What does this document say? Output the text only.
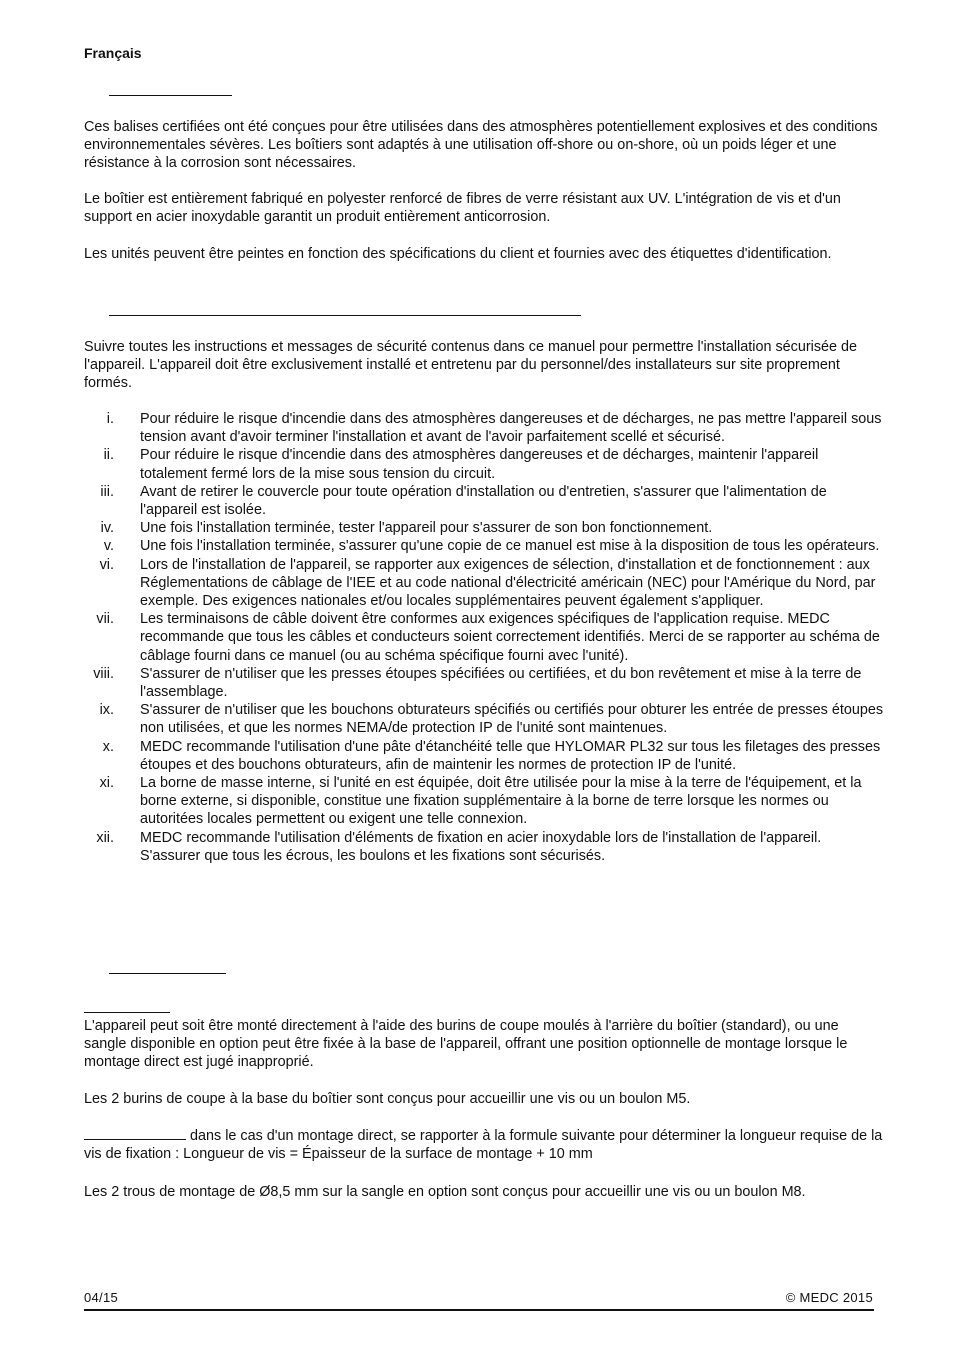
Français

Ces balises certifiées ont été conçues pour être utilisées dans des atmosphères potentiellement explosives et des conditions environnementales sévères. Les boîtiers sont adaptés à une utilisation off-shore ou on-shore, où un poids léger et une résistance à la corrosion sont nécessaires.

Le boîtier est entièrement fabriqué en polyester renforcé de fibres de verre résistant aux UV. L'intégration de vis et d'un support en acier inoxydable garantit un produit entièrement anticorrosion.

Les unités peuvent être peintes en fonction des spécifications du client et fournies avec des étiquettes d'identification.

Suivre toutes les instructions et messages de sécurité contenus dans ce manuel pour permettre l'installation sécurisée de l'appareil. L'appareil doit être exclusivement installé et entretenu par du personnel/des installateurs sur site proprement formés.

i. Pour réduire le risque d'incendie dans des atmosphères dangereuses et de décharges, ne pas mettre l'appareil sous tension avant d'avoir terminer l'installation et avant de l'avoir parfaitement scellé et sécurisé.
ii. Pour réduire le risque d'incendie dans des atmosphères dangereuses et de décharges, maintenir l'appareil totalement fermé lors de la mise sous tension du circuit.
iii. Avant de retirer le couvercle pour toute opération d'installation ou d'entretien, s'assurer que l'alimentation de l'appareil est isolée.
iv. Une fois l'installation terminée, tester l'appareil pour s'assurer de son bon fonctionnement.
v. Une fois l'installation terminée, s'assurer qu'une copie de ce manuel est mise à la disposition de tous les opérateurs.
vi. Lors de l'installation de l'appareil, se rapporter aux exigences de sélection, d'installation et de fonctionnement : aux Réglementations de câblage de l'IEE et au code national d'électricité américain (NEC) pour l'Amérique du Nord, par exemple. Des exigences nationales et/ou locales supplémentaires peuvent également s'appliquer.
vii. Les terminaisons de câble doivent être conformes aux exigences spécifiques de l'application requise. MEDC recommande que tous les câbles et conducteurs soient correctement identifiés. Merci de se rapporter au schéma de câblage fourni dans ce manuel (ou au schéma spécifique fourni avec l'unité).
viii. S'assurer de n'utiliser que les presses étoupes spécifiées ou certifiées, et du bon revêtement et mise à la terre de l'assemblage.
ix. S'assurer de n'utiliser que les bouchons obturateurs spécifiés ou certifiés pour obturer les entrée de presses étoupes non utilisées, et que les normes NEMA/de protection IP de l'unité sont maintenues.
x. MEDC recommande l'utilisation d'une pâte d'étanchéité telle que HYLOMAR PL32 sur tous les filetages des presses étoupes et des bouchons obturateurs, afin de maintenir les normes de protection IP de l'unité.
xi. La borne de masse interne, si l'unité en est équipée, doit être utilisée pour la mise à la terre de l'équipement, et la borne externe, si disponible, constitue une fixation supplémentaire à la borne de terre lorsque les normes ou autoritées locales permettent ou exigent une telle connexion.
xii. MEDC recommande l'utilisation d'éléments de fixation en acier inoxydable lors de l'installation de l'appareil. S'assurer que tous les écrous, les boulons et les fixations sont sécurisés.

L'appareil peut soit être monté directement à l'aide des burins de coupe moulés à l'arrière du boîtier (standard), ou une sangle disponible en option peut être fixée à la base de l'appareil, offrant une position optionnelle de montage lorsque le montage direct est jugé inapproprié.

Les 2 burins de coupe à la base du boîtier sont conçus pour accueillir une vis ou un boulon M5.

dans le cas d'un montage direct, se rapporter à la formule suivante pour déterminer la longueur requise de la vis de fixation : Longueur de vis = Épaisseur de la surface de montage + 10 mm

Les 2 trous de montage de Ø8,5 mm sur la sangle en option sont conçus pour accueillir une vis ou un boulon M8.

04/15	© MEDC 2015
